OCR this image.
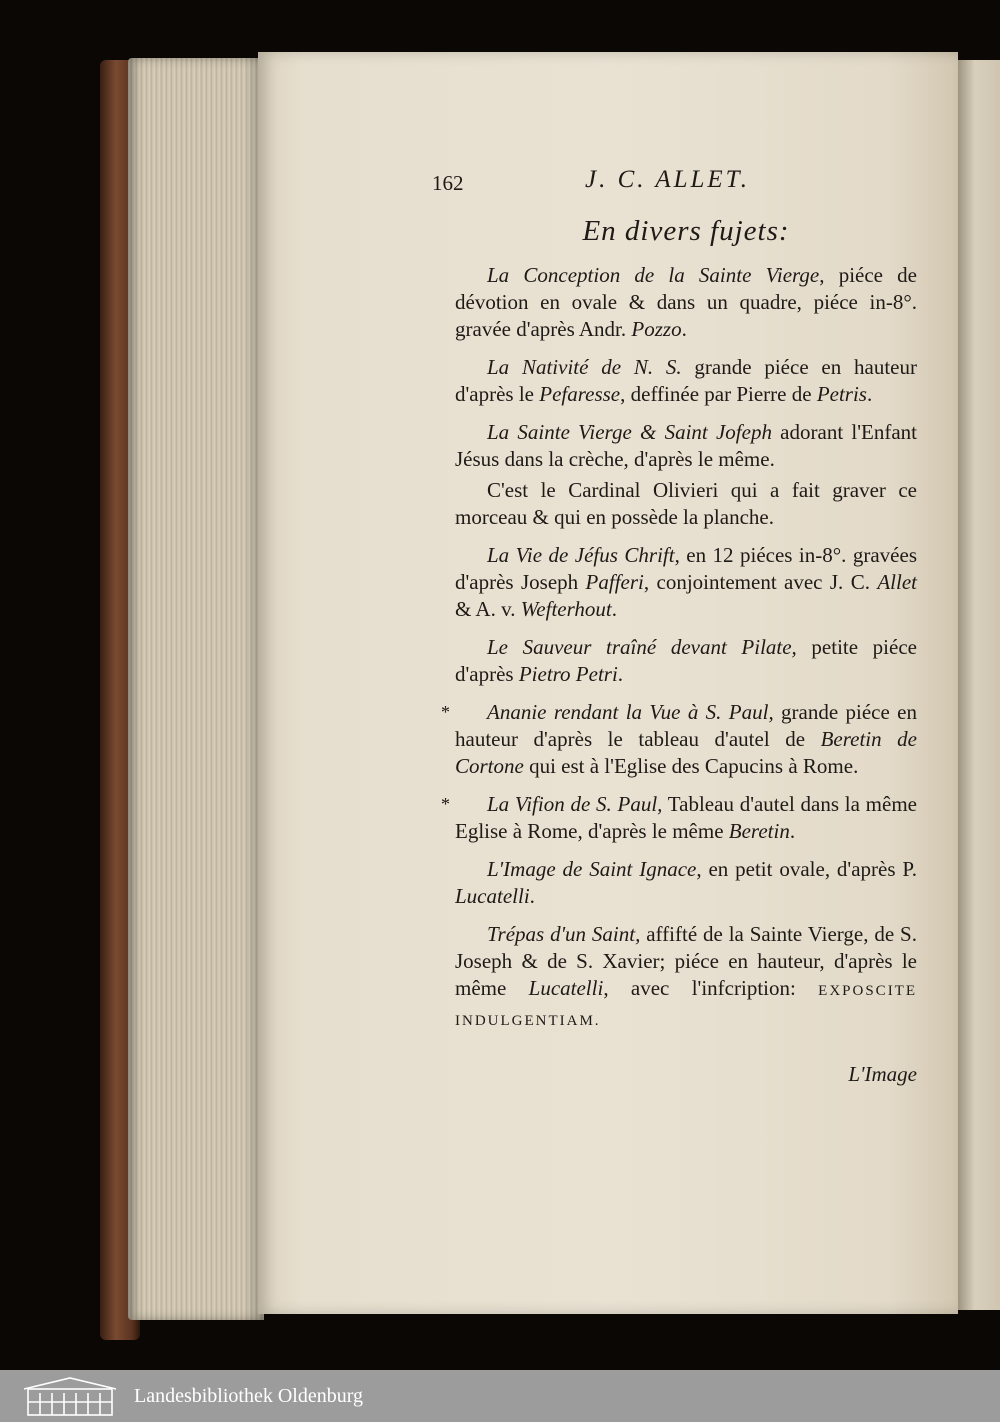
162	J. C. ALLET.
En divers fujets:

La Conception de la Sainte Vierge, piéce de dévotion en ovale & dans un quadre, piéce in-8°. gravée d'après Andr. Pozzo.

La Nativité de N. S. grande piéce en hauteur d'après le Pefaresse, deffinée par Pierre de Petris.

La Sainte Vierge & Saint Jofeph adorant l'Enfant Jésus dans la crèche, d'après le même.

C'est le Cardinal Olivieri qui a fait graver ce morceau & qui en possède la planche.

La Vie de Jéfus Chrift, en 12 piéces in-8°. gravées d'après Joseph Pafferi, conjointement avec J. C. Allet & A. v. Wefterhout.

Le Sauveur traîné devant Pilate, petite piéce d'après Pietro Petri.

* Ananie rendant la Vue à S. Paul, grande piéce en hauteur d'après le tableau d'autel de Beretin de Cortone qui est à l'Eglise des Capucins à Rome.

* La Vifion de S. Paul, Tableau d'autel dans la même Eglise à Rome, d'après le même Beretin.

L'Image de Saint Ignace, en petit ovale, d'après P. Lucatelli.

Trépas d'un Saint, affifté de la Sainte Vierge, de S. Joseph & de S. Xavier; piéce en hauteur, d'après le même Lucatelli, avec l'infcription: EXPOSCITE INDULGENTIAM.

L'Image
Landesbibliothek Oldenburg
